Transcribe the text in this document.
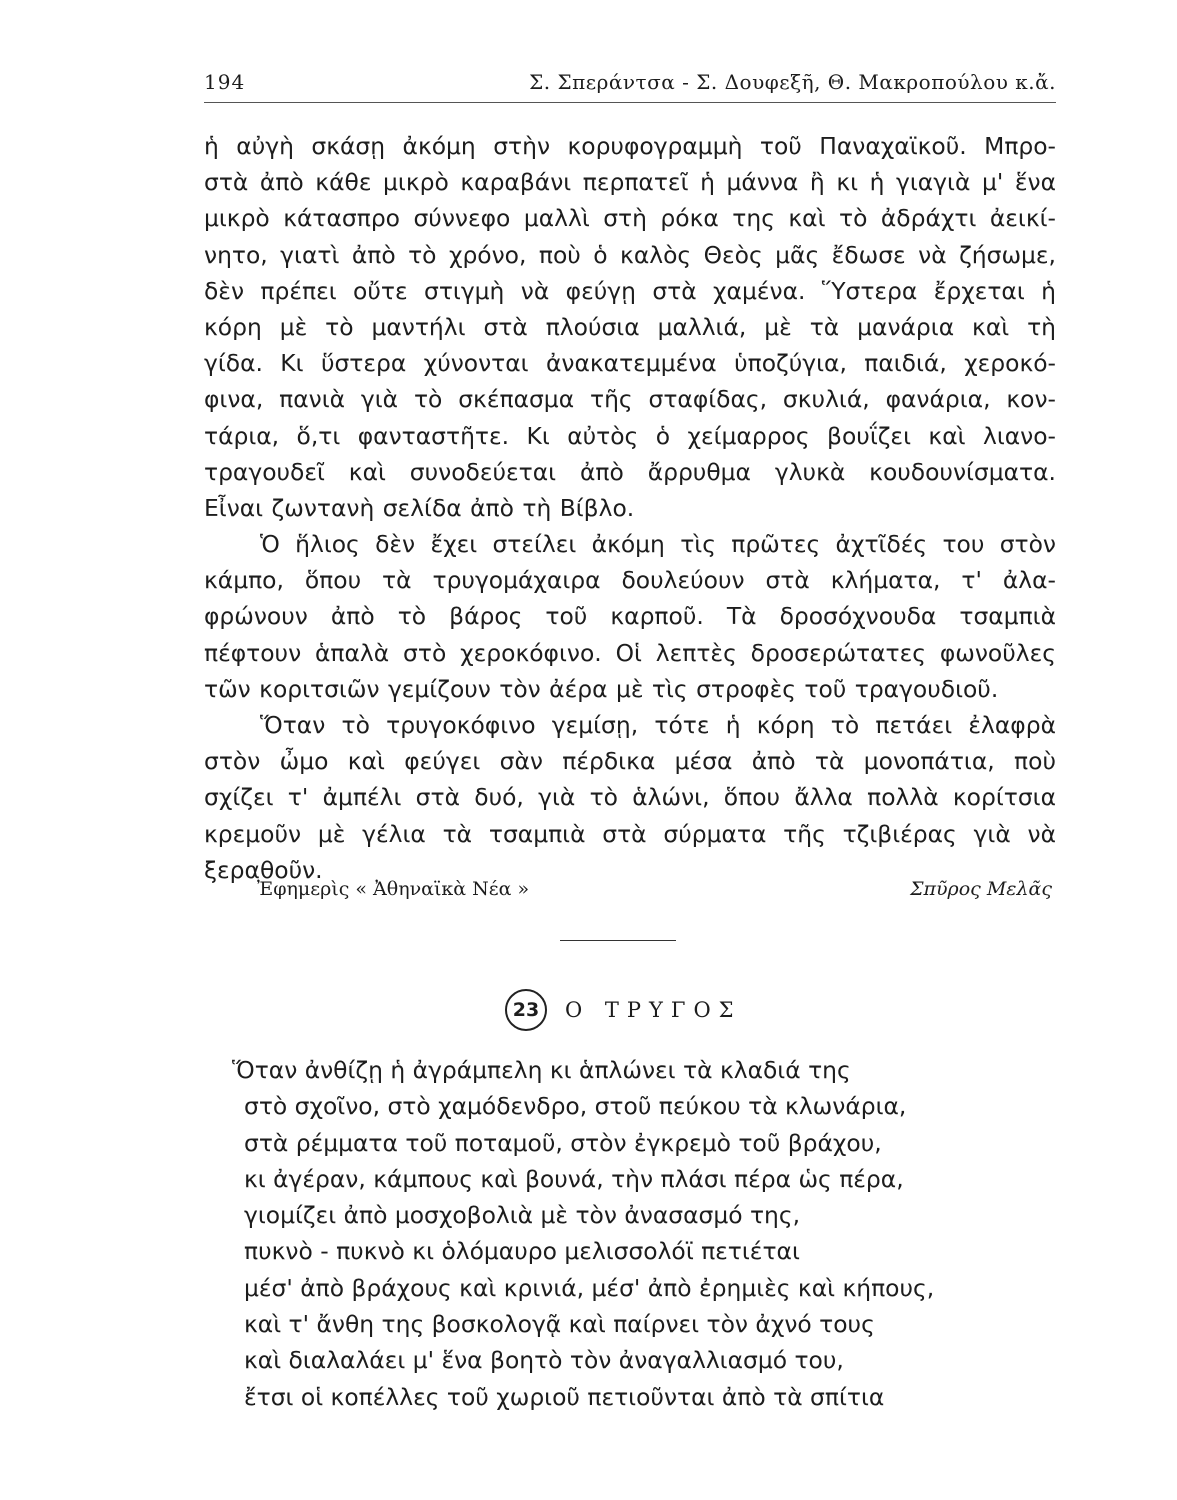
194	Σ. Σπεράντσα - Σ. Δουφεξῆ, Θ. Μακροπούλου κ.ἄ.
ἡ αὐγὴ σκάσῃ ἀκόμη στὴν κορυφογραμμὴ τοῦ Παναχαϊκοῦ. Μπρο-
στὰ ἀπὸ κάθε μικρὸ καραβάνι περπατεῖ ἡ μάννα ἢ κι ἡ γιαγιὰ μ' ἕνα
μικρὸ κάτασπρο σύννεφο μαλλὶ στὴ ρόκα της καὶ τὸ ἀδράχτι ἀεικί-
νητο, γιατὶ ἀπὸ τὸ χρόνο, ποὺ ὁ καλὸς Θεὸς μᾶς ἔδωσε νὰ ζήσωμε,
δὲν πρέπει οὔτε στιγμὴ νὰ φεύγῃ στὰ χαμένα. Ὕστερα ἔρχεται ἡ
κόρη μὲ τὸ μαντήλι στὰ πλούσια μαλλιά, μὲ τὰ μανάρια καὶ τὴ
γίδα. Κι ὕστερα χύνονται ἀνακατεμμένα ὑποζύγια, παιδιά, χεροκό-
φινα, πανιὰ γιὰ τὸ σκέπασμα τῆς σταφίδας, σκυλιά, φανάρια, κον-
τάρια, ὅ,τι φανταστῆτε. Κι αὐτὸς ὁ χείμαρρος βουΐζει καὶ λιανο-
τραγουδεῖ καὶ συνοδεύεται ἀπὸ ἄρρυθμα γλυκὰ κουδουνίσματα.
Εἶναι ζωντανὴ σελίδα ἀπὸ τὴ Βίβλο.
Ὁ ἥλιος δὲν ἔχει στείλει ἀκόμη τὶς πρῶτες ἀχτῖδές του στὸν
κάμπο, ὅπου τὰ τρυγομάχαιρα δουλεύουν στὰ κλήματα, τ' ἀλα-
φρώνουν ἀπὸ τὸ βάρος τοῦ καρποῦ. Τὰ δροσόχνουδα τσαμπιὰ
πέφτουν ἁπαλὰ στὸ χεροκόφινο. Οἱ λεπτὲς δροσερώτατες φωνοῦλες
τῶν κοριτσιῶν γεμίζουν τὸν ἀέρα μὲ τὶς στροφὲς τοῦ τραγουδιοῦ.
Ὅταν τὸ τρυγοκόφινο γεμίσῃ, τότε ἡ κόρη τὸ πετάει ἐλαφρὰ
στὸν ὦμο καὶ φεύγει σὰν πέρδικα μέσα ἀπὸ τὰ μονοπάτια, ποὺ
σχίζει τ' ἀμπέλι στὰ δυό, γιὰ τὸ ἁλώνι, ὅπου ἄλλα πολλὰ κορίτσια
κρεμοῦν μὲ γέλια τὰ τσαμπιὰ στὰ σύρματα τῆς τζιβιέρας γιὰ νὰ
ξεραθοῦν.
Ἐφημερὶς « Ἀθηναϊκὰ Νέα »	Σπῦρος Μελᾶς
23	Ο ΤΡΥΓΟΣ
Ὅταν ἀνθίζῃ ἡ ἀγράμπελη κι ἁπλώνει τὰ κλαδιά της
στὸ σχοῖνο, στὸ χαμόδενδρο, στοῦ πεύκου τὰ κλωνάρια,
στὰ ρέμματα τοῦ ποταμοῦ, στὸν ἐγκρεμὸ τοῦ βράχου,
κι ἀγέραν, κάμπους καὶ βουνά, τὴν πλάσι πέρα ὡς πέρα,
γιομίζει ἀπὸ μοσχοβολιὰ μὲ τὸν ἀνασασμό της,
πυκνὸ - πυκνὸ κι ὁλόμαυρο μελισσολόϊ πετιέται
μέσ' ἀπὸ βράχους καὶ κρινιά, μέσ' ἀπὸ ἐρημιὲς καὶ κήπους,
καὶ τ' ἄνθη της βοσκολογᾷ καὶ παίρνει τὸν ἀχνό τους
καὶ διαλαλάει μ' ἕνα βοητὸ τὸν ἀναγαλλιασμό του,
ἔτσι οἱ κοπέλλες τοῦ χωριοῦ πετιοῦνται ἀπὸ τὰ σπίτια
